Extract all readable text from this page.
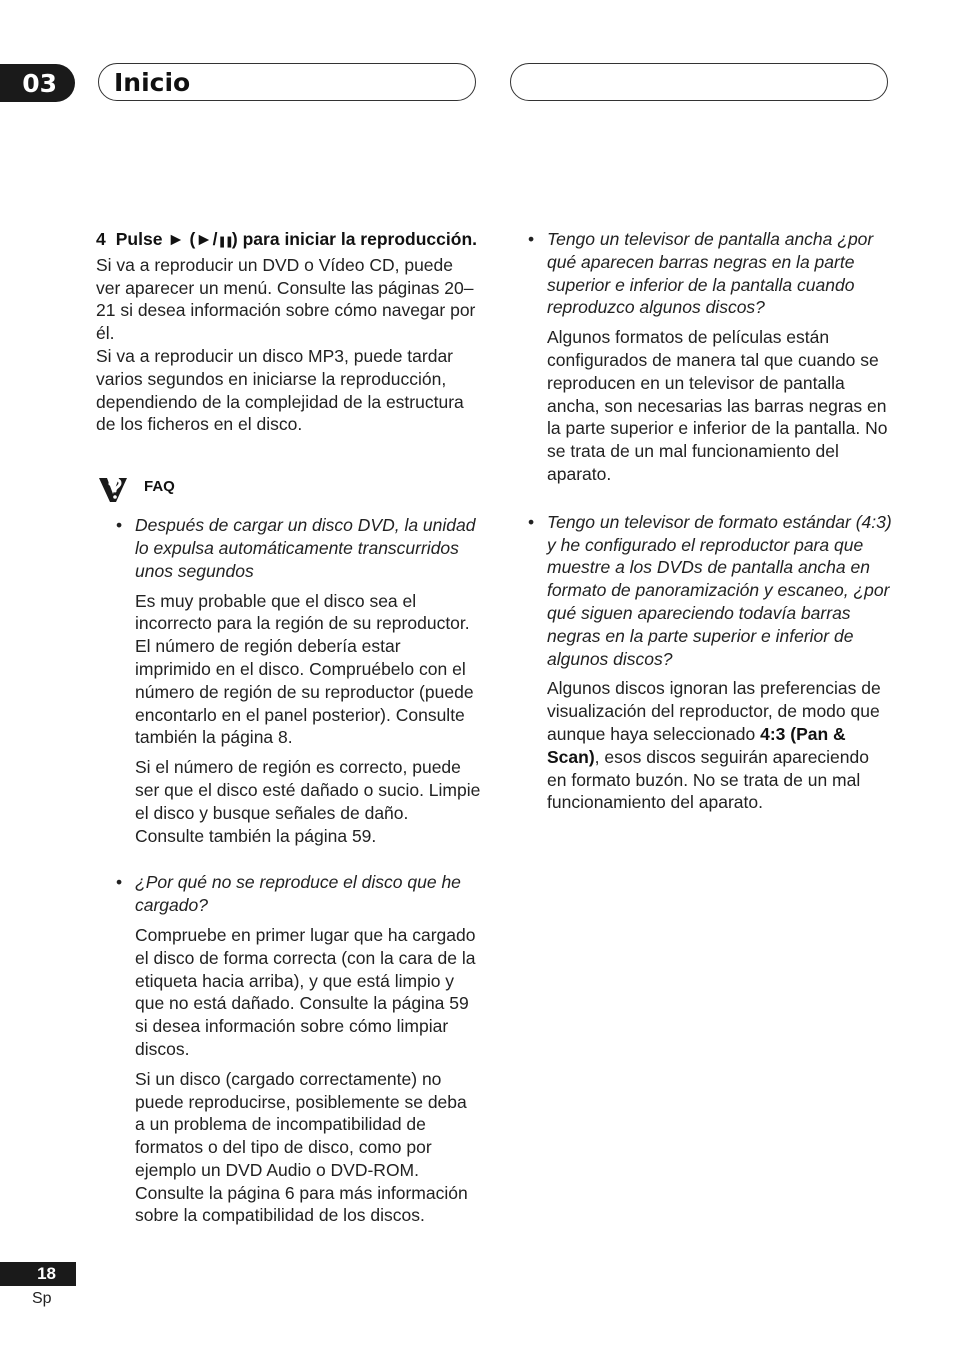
03	Inicio

4 Pulse ► (►/❚❚) para iniciar la reproducción.

Si va a reproducir un DVD o Vídeo CD, puede ver aparecer un menú. Consulte las páginas 20–21 si desea información sobre cómo navegar por él.

Si va a reproducir un disco MP3, puede tardar varios segundos en iniciarse la reproducción, dependiendo de la complejidad de la estructura de los ficheros en el disco.

FAQ
• Después de cargar un disco DVD, la unidad lo expulsa automáticamente transcurridos unos segundos

Es muy probable que el disco sea el incorrecto para la región de su reproductor. El número de región debería estar imprimido en el disco. Compruébelo con el número de región de su reproductor (puede encontarlo en el panel posterior). Consulte también la página 8.

Si el número de región es correcto, puede ser que el disco esté dañado o sucio. Limpie el disco y busque señales de daño. Consulte también la página 59.

• ¿Por qué no se reproduce el disco que he cargado?

Compruebe en primer lugar que ha cargado el disco de forma correcta (con la cara de la etiqueta hacia arriba), y que está limpio y que no está dañado. Consulte la página 59 si desea información sobre cómo limpiar discos.

Si un disco (cargado correctamente) no puede reproducirse, posiblemente se deba a un problema de incompatibilidad de formatos o del tipo de disco, como por ejemplo un DVD Audio o DVD-ROM. Consulte la página 6 para más información sobre la compatibilidad de los discos.

• Tengo un televisor de pantalla ancha ¿por qué aparecen barras negras en la parte superior e inferior de la pantalla cuando reproduzco algunos discos?

Algunos formatos de películas están configurados de manera tal que cuando se reproducen en un televisor de pantalla ancha, son necesarias las barras negras en la parte superior e inferior de la pantalla. No se trata de un mal funcionamiento del aparato.

• Tengo un televisor de formato estándar (4:3) y he configurado el reproductor para que muestre a los DVDs de pantalla ancha en formato de panoramización y escaneo, ¿por qué siguen apareciendo todavía barras negras en la parte superior e inferior de algunos discos?

Algunos discos ignoran las preferencias de visualización del reproductor, de modo que aunque haya seleccionado 4:3 (Pan & Scan), esos discos seguirán apareciendo en formato buzón. No se trata de un mal funcionamiento del aparato.

18
Sp
